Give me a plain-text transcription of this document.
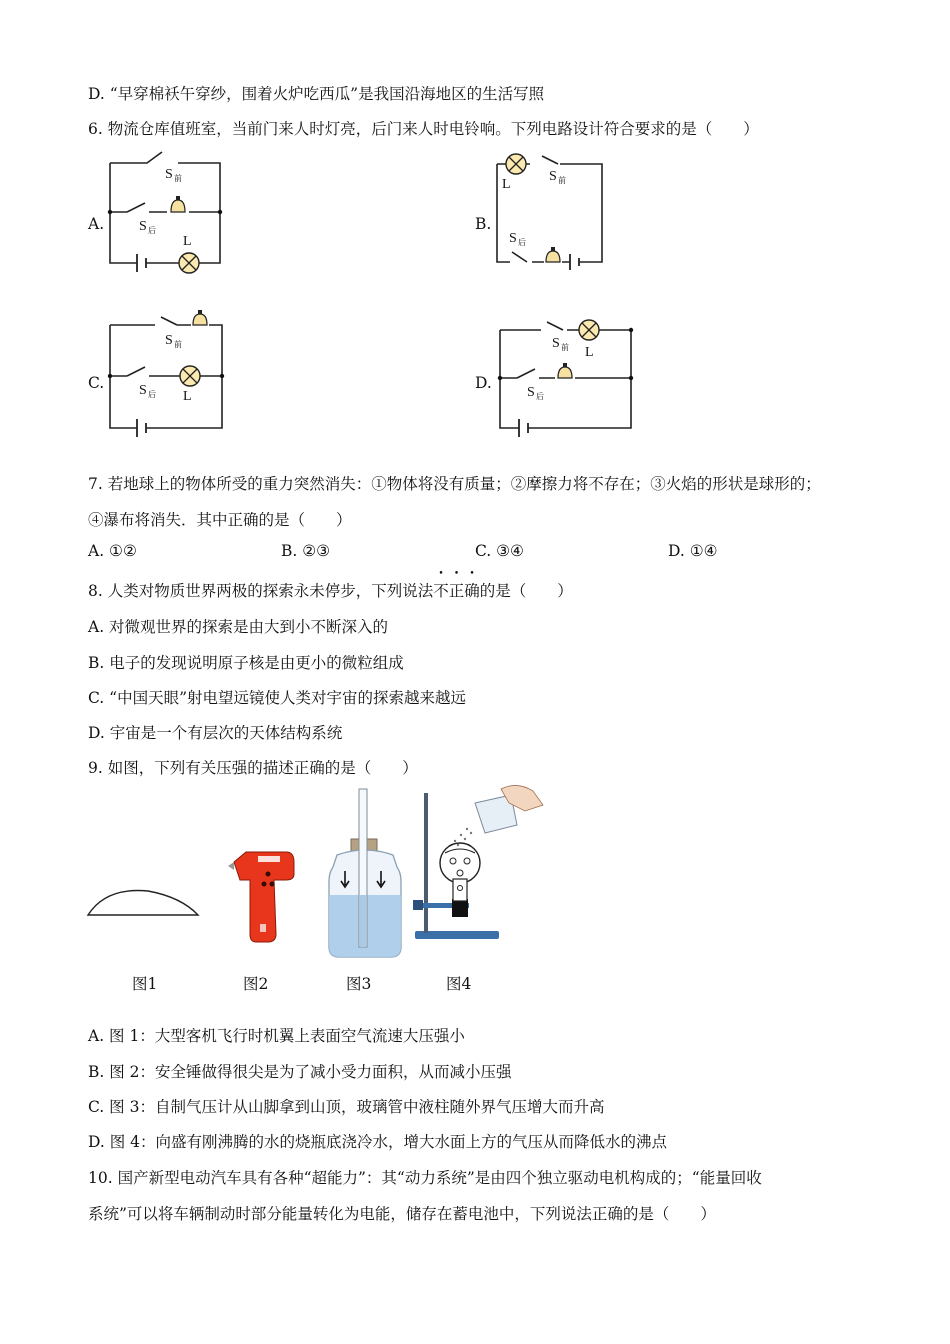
D. “早穿棉袄午穿纱，围着火炉吃西瓜”是我国沿海地区的生活写照
6. 物流仓库值班室，当前门来人时灯亮，后门来人时电铃响。下列电路设计符合要求的是（　　）
A.	B.
C.	D.
S 前
S 后
L
L
S 前
S 后
S 前
S 后 L
S 前 L
S 后
7. 若地球上的物体所受的重力突然消失：①物体将没有质量；②摩擦力将不存在；③火焰的形状是球形的；
④瀑布将消失．其中正确的是（　　）
A. ①②	B. ②③	C. ③④	D. ①④
8. 人类对物质世界两极的探索永未停步，下列说法不正确的是（　　）
A. 对微观世界的探索是由大到小不断深入的
B. 电子的发现说明原子核是由更小的微粒组成
C. “中国天眼”射电望远镜使人类对宇宙的探索越来越远
D. 宇宙是一个有层次的天体结构系统
9. 如图，下列有关压强的描述正确的是（　　）
图1	图2	图3	图4
A. 图 1：大型客机飞行时机翼上表面空气流速大压强小
B. 图 2：安全锤做得很尖是为了减小受力面积，从而减小压强
C. 图 3：自制气压计从山脚拿到山顶，玻璃管中液柱随外界气压增大而升高
D. 图 4：向盛有刚沸腾的水的烧瓶底浇冷水，增大水面上方的气压从而降低水的沸点
10. 国产新型电动汽车具有各种“超能力”：其“动力系统”是由四个独立驱动电机构成的；“能量回收
系统”可以将车辆制动时部分能量转化为电能，储存在蓄电池中，下列说法正确的是（　　）
